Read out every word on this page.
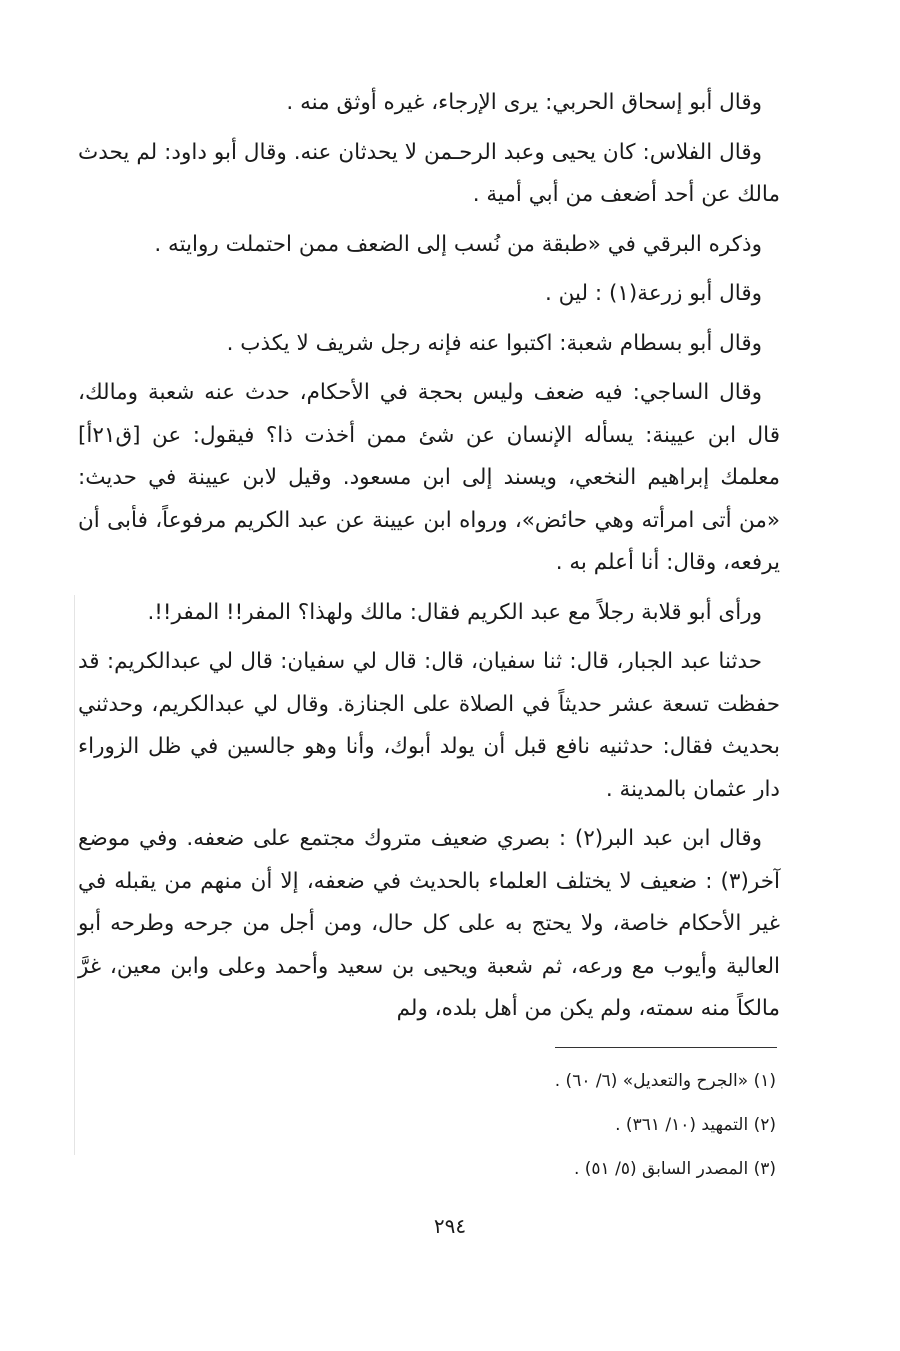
وقال أبو إسحاق الحربي: يرى الإرجاء، غيره أوثق منه .

وقال الفلاس: كان يحيى وعبد الرحـمن لا يحدثان عنه. وقال أبو داود: لم يحدث مالك عن أحد أضعف من أبي أمية .

وذكره البرقي في «طبقة من نُسب إلى الضعف ممن احتملت روايته .

وقال أبو زرعة(١) : لين .

وقال أبو بسطام شعبة: اكتبوا عنه فإنه رجل شريف لا يكذب .

وقال الساجي: فيه ضعف وليس بحجة في الأحكام، حدث عنه شعبة ومالك، قال ابن عيينة: يسأله الإنسان عن شئ ممن أخذت ذا؟ فيقول: عن [ق٢١أ] معلمك إبراهيم النخعي، ويسند إلى ابن مسعود. وقيل لابن عيينة في حديث: «من أتى امرأته وهي حائض»، ورواه ابن عيينة عن عبد الكريم مرفوعاً، فأبى أن يرفعه، وقال: أنا أعلم به .

ورأى أبو قلابة رجلاً مع عبد الكريم فقال: مالك ولهذا؟ المفر!! المفر!!.

حدثنا عبد الجبار، قال: ثنا سفيان، قال: قال لي سفيان: قال لي عبدالكريم: قد حفظت تسعة عشر حديثاً في الصلاة على الجنازة. وقال لي عبدالكريم، وحدثني بحديث فقال: حدثنيه نافع قبل أن يولد أبوك، وأنا وهو جالسين في ظل الزوراء دار عثمان بالمدينة .

وقال ابن عبد البر(٢) : بصري ضعيف متروك مجتمع على ضعفه. وفي موضع آخر(٣) : ضعيف لا يختلف العلماء بالحديث في ضعفه، إلا أن منهم من يقبله في غير الأحكام خاصة، ولا يحتج به على كل حال، ومن أجل من جرحه وطرحه أبو العالية وأيوب مع ورعه، ثم شعبة ويحيى بن سعيد وأحمد وعلى وابن معين، غرَّ مالكاً منه سمته، ولم يكن من أهل بلده، ولم

(١) «الجرح والتعديل» (٦/ ٦٠) .

(٢) التمهيد (١٠/ ٣٦١) .

(٣) المصدر السابق (٥/ ٥١) .

٢٩٤
